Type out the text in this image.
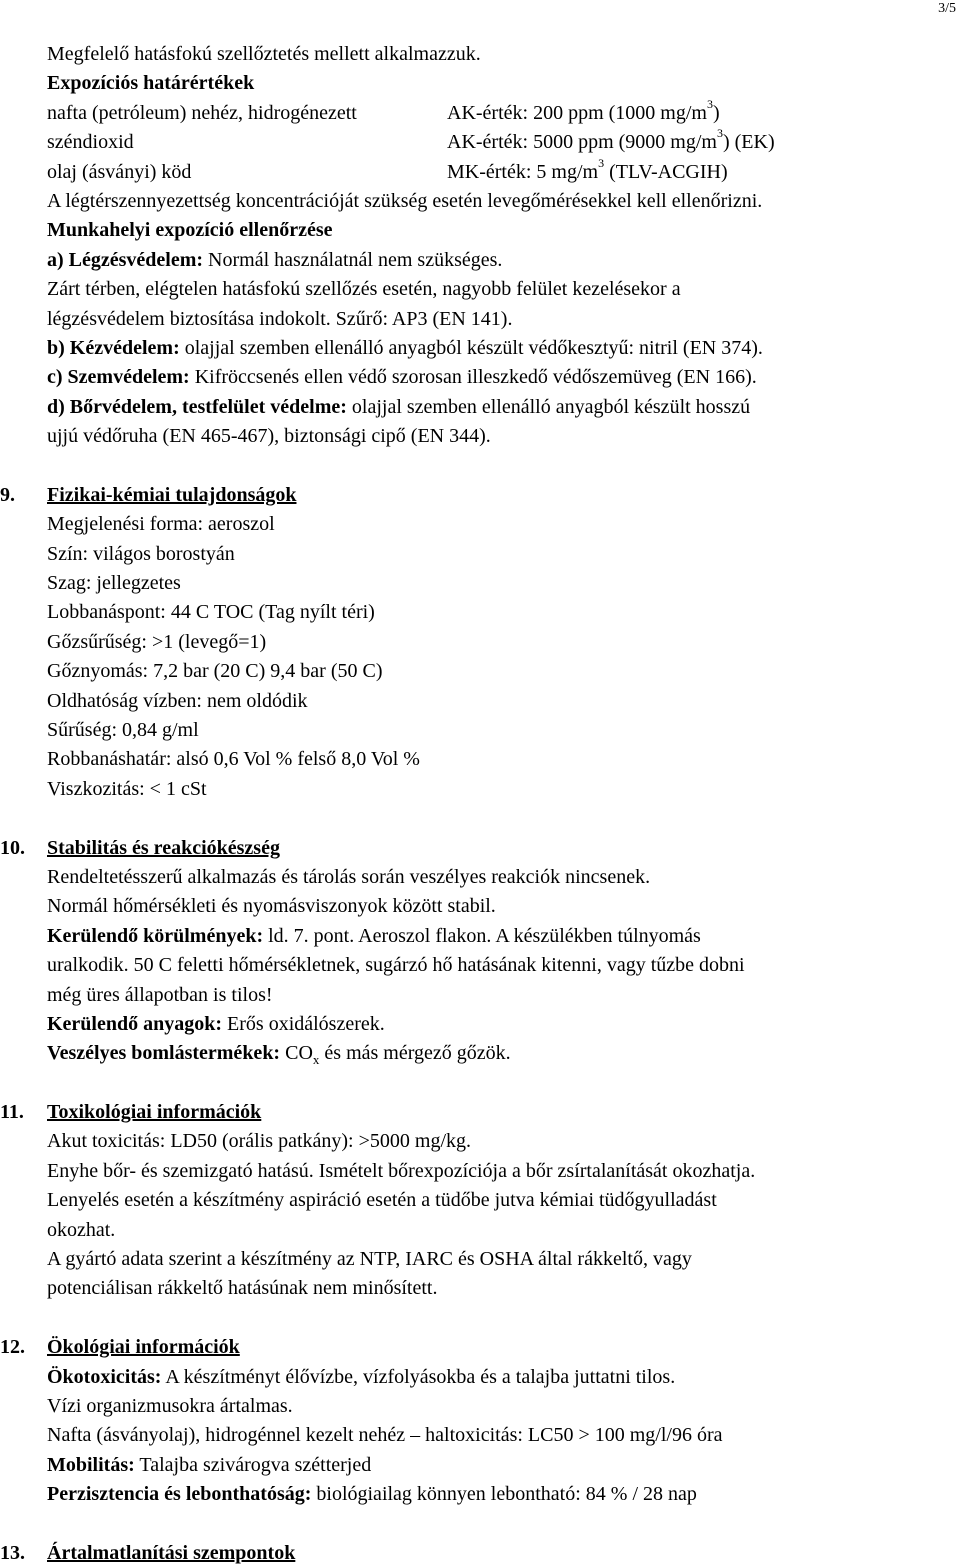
3/5
Megfelelő hatásfokú szellőztetés mellett alkalmazzuk.
Expozíciós határértékek
nafta (petróleum) nehéz, hidrogénezett	AK-érték: 200 ppm (1000 $mg/m^3$)
széndioxid	AK-érték: 5000 ppm (9000 $mg/m^3$) (EK)
olaj (ásványi) köd	MK-érték: 5 $mg/m^3$ (TLV-ACGIH)
A légtérszennyezettség koncentrációját szükség esetén levegőmérésekkel kell ellenőrizni.
Munkahelyi expozíció ellenőrzése
a) Légzésvédelem: Normál használatnál nem szükséges.
Zárt térben, elégtelen hatásfokú szellőzés esetén, nagyobb felület kezelésekor a
légzésvédelem biztosítása indokolt. Szűrő: AP3 (EN 141).
b) Kézvédelem: olajjal szemben ellenálló anyagból készült védőkesztyű: nitril (EN 374).
c) Szemvédelem: Kifröccsenés ellen védő szorosan illeszkedő védőszemüveg (EN 166).
d) Bőrvédelem, testfelület védelme: olajjal szemben ellenálló anyagból készült hosszú
ujjú védőruha (EN 465-467), biztonsági cipő (EN 344).
9. Fizikai-kémiai tulajdonságok
Megjelenési forma: aeroszol
Szín: világos borostyán
Szag: jellegzetes
Lobbanáspont: 44 C TOC (Tag nyílt téri)
Gőzsűrűség: >1 (levegő=1)
Gőznyomás: 7,2 bar (20 C) 9,4 bar (50 C)
Oldhatóság vízben: nem oldódik
Sűrűség: 0,84 g/ml
Robbanáshatár: alsó 0,6 Vol % felső 8,0 Vol %
Viszkozitás: < 1 cSt
10. Stabilitás és reakciókészség
Rendeltetésszerű alkalmazás és tárolás során veszélyes reakciók nincsenek.
Normál hőmérsékleti és nyomásviszonyok között stabil.
Kerülendő körülmények: ld. 7. pont. Aeroszol flakon. A készülékben túlnyomás
uralkodik. 50 C feletti hőmérsékletnek, sugárzó hő hatásának kitenni, vagy tűzbe dobni
még üres állapotban is tilos!
Kerülendő anyagok: Erős oxidálószerek.
Veszélyes bomlástermékek: $CO_x$ és más mérgező gőzök.
11. Toxikológiai információk
Akut toxicitás: LD50 (orális patkány): >5000 mg/kg.
Enyhe bőr- és szemizgató hatású. Ismételt bőrexpozíciója a bőr zsírtalanítását okozhatja.
Lenyelés esetén a készítmény aspiráció esetén a tüdőbe jutva kémiai tüdőgyulladást
okozhat.
A gyártó adata szerint a készítmény az NTP, IARC és OSHA által rákkeltő, vagy
potenciálisan rákkeltő hatásúnak nem minősített.
12. Ökológiai információk
Ökotoxicitás: A készítményt élővízbe, vízfolyásokba és a talajba juttatni tilos.
Vízi organizmusokra ártalmas.
Nafta (ásványolaj), hidrogénnel kezelt nehéz – haltoxicitás: LC50 > 100 mg/l/96 óra
Mobilitás: Talajba szivárogva szétterjed
Perzisztencia és lebonthatóság: biológiailag könnyen lebontható: 84 % / 28 nap
13. Ártalmatlanítási szempontok
